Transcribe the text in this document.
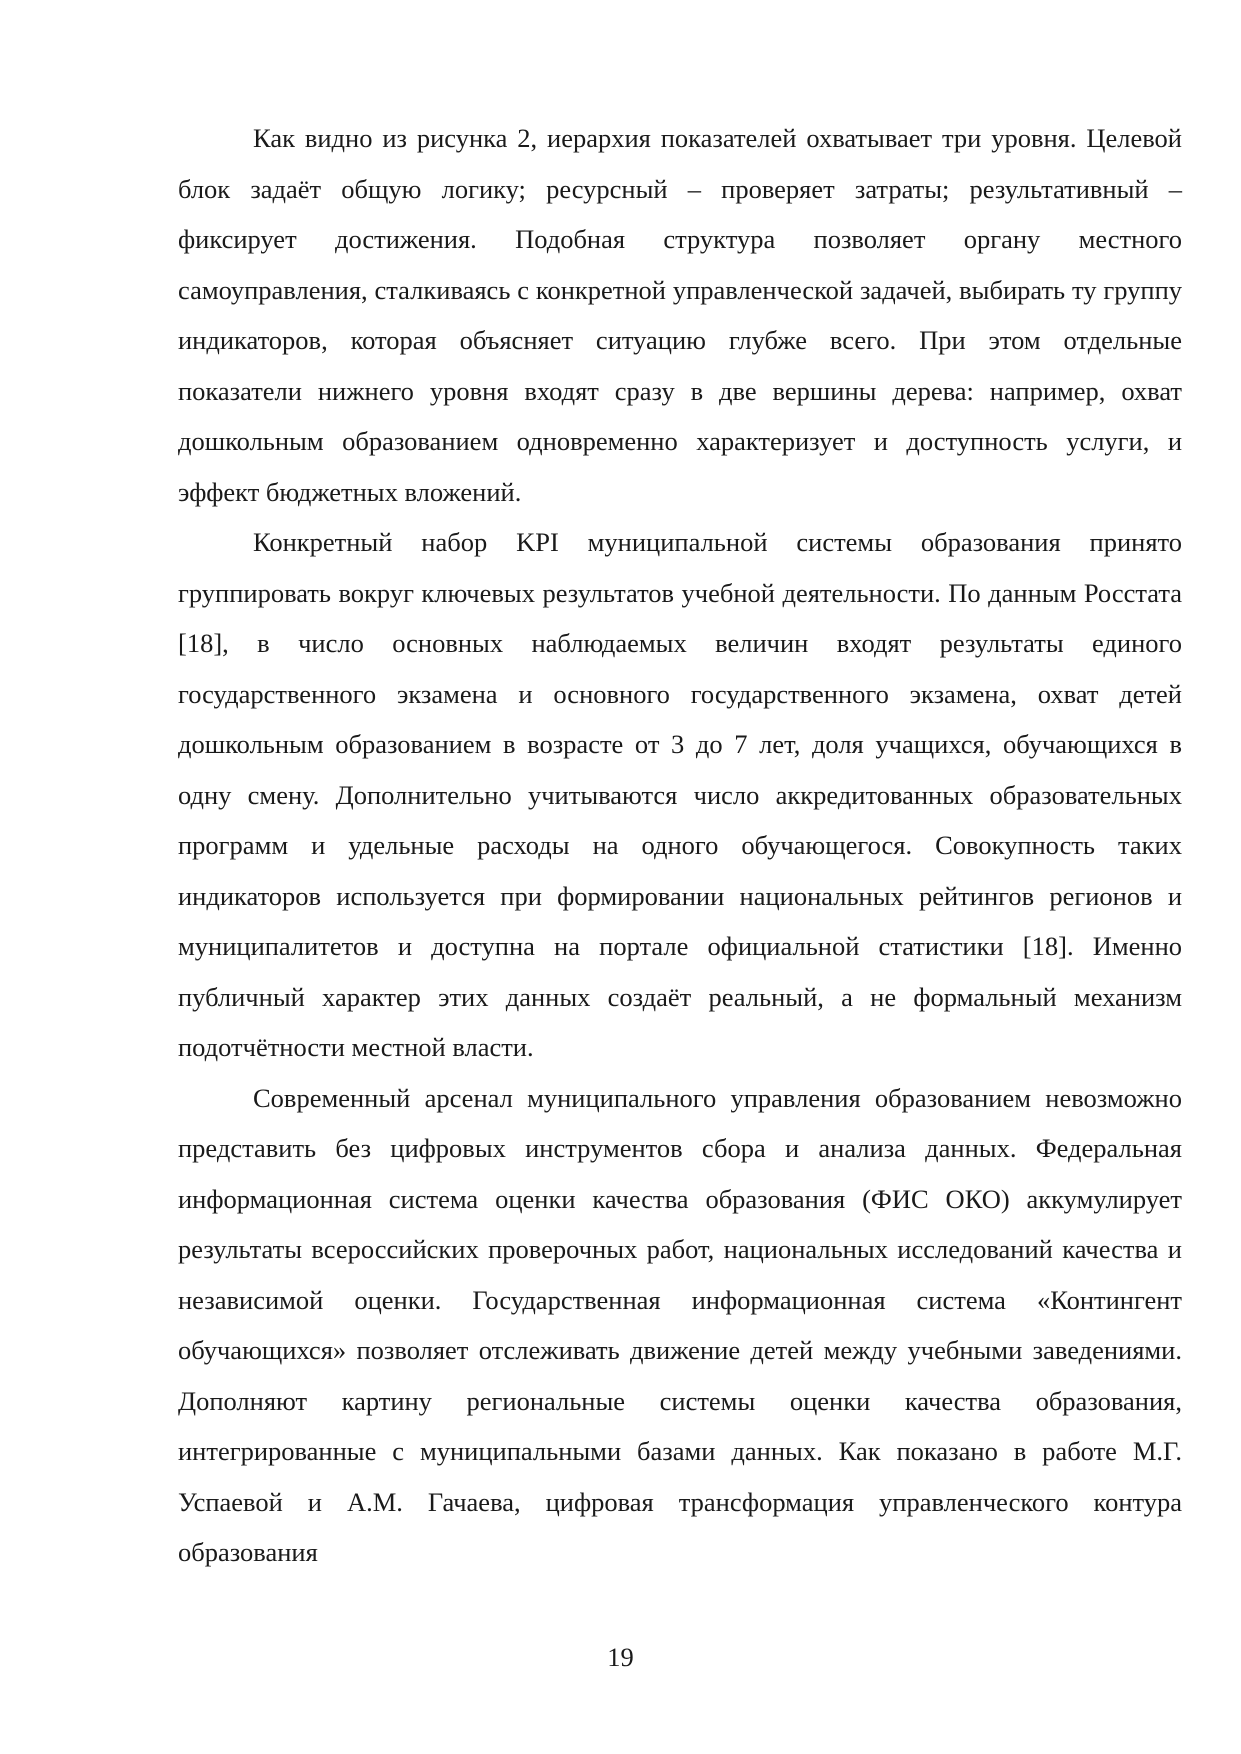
Как видно из рисунка 2, иерархия показателей охватывает три уровня. Целевой блок задаёт общую логику; ресурсный – проверяет затраты; результативный – фиксирует достижения. Подобная структура позволяет органу местного самоуправления, сталкиваясь с конкретной управленческой задачей, выбирать ту группу индикаторов, которая объясняет ситуацию глубже всего. При этом отдельные показатели нижнего уровня входят сразу в две вершины дерева: например, охват дошкольным образованием одновременно характеризует и доступность услуги, и эффект бюджетных вложений.

Конкретный набор KPI муниципальной системы образования принято группировать вокруг ключевых результатов учебной деятельности. По данным Росстата [18], в число основных наблюдаемых величин входят результаты единого государственного экзамена и основного государственного экзамена, охват детей дошкольным образованием в возрасте от 3 до 7 лет, доля учащихся, обучающихся в одну смену. Дополнительно учитываются число аккредитованных образовательных программ и удельные расходы на одного обучающегося. Совокупность таких индикаторов используется при формировании национальных рейтингов регионов и муниципалитетов и доступна на портале официальной статистики [18]. Именно публичный характер этих данных создаёт реальный, а не формальный механизм подотчётности местной власти.

Современный арсенал муниципального управления образованием невозможно представить без цифровых инструментов сбора и анализа данных. Федеральная информационная система оценки качества образования (ФИС ОКО) аккумулирует результаты всероссийских проверочных работ, национальных исследований качества и независимой оценки. Государственная информационная система «Контингент обучающихся» позволяет отслеживать движение детей между учебными заведениями. Дополняют картину региональные системы оценки качества образования, интегрированные с муниципальными базами данных. Как показано в работе М.Г. Успаевой и А.М. Гачаева, цифровая трансформация управленческого контура образования

19
